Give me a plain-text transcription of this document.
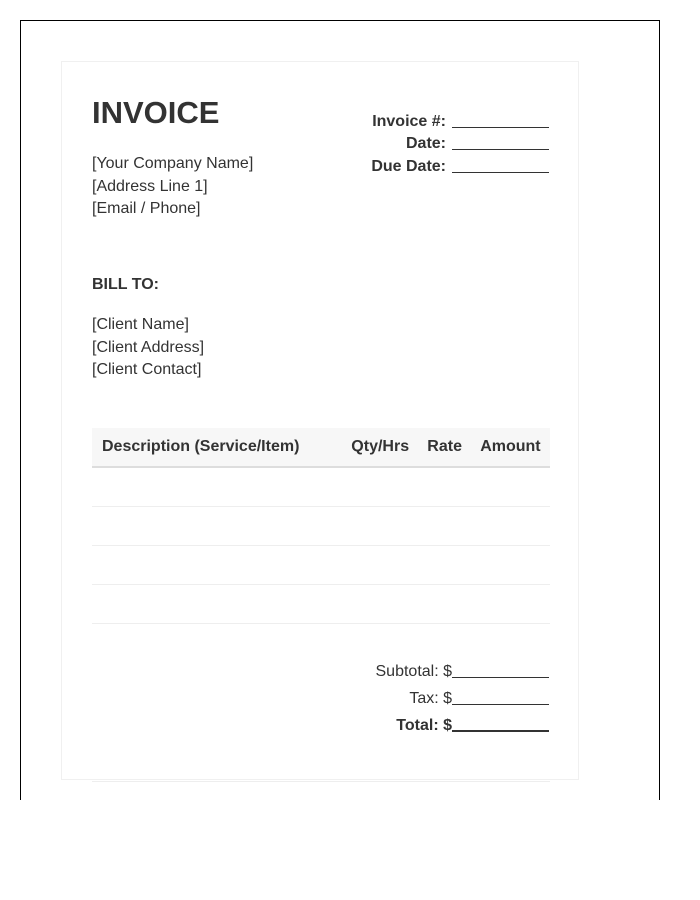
INVOICE
[Your Company Name]
[Address Line 1]
[Email / Phone]
Invoice #:
Date:
Due Date:
BILL TO:
[Client Name]
[Client Address]
[Client Contact]
Description (Service/Item)	Qty/Hrs	Rate	Amount

Subtotal: $
Tax: $
Total: $
